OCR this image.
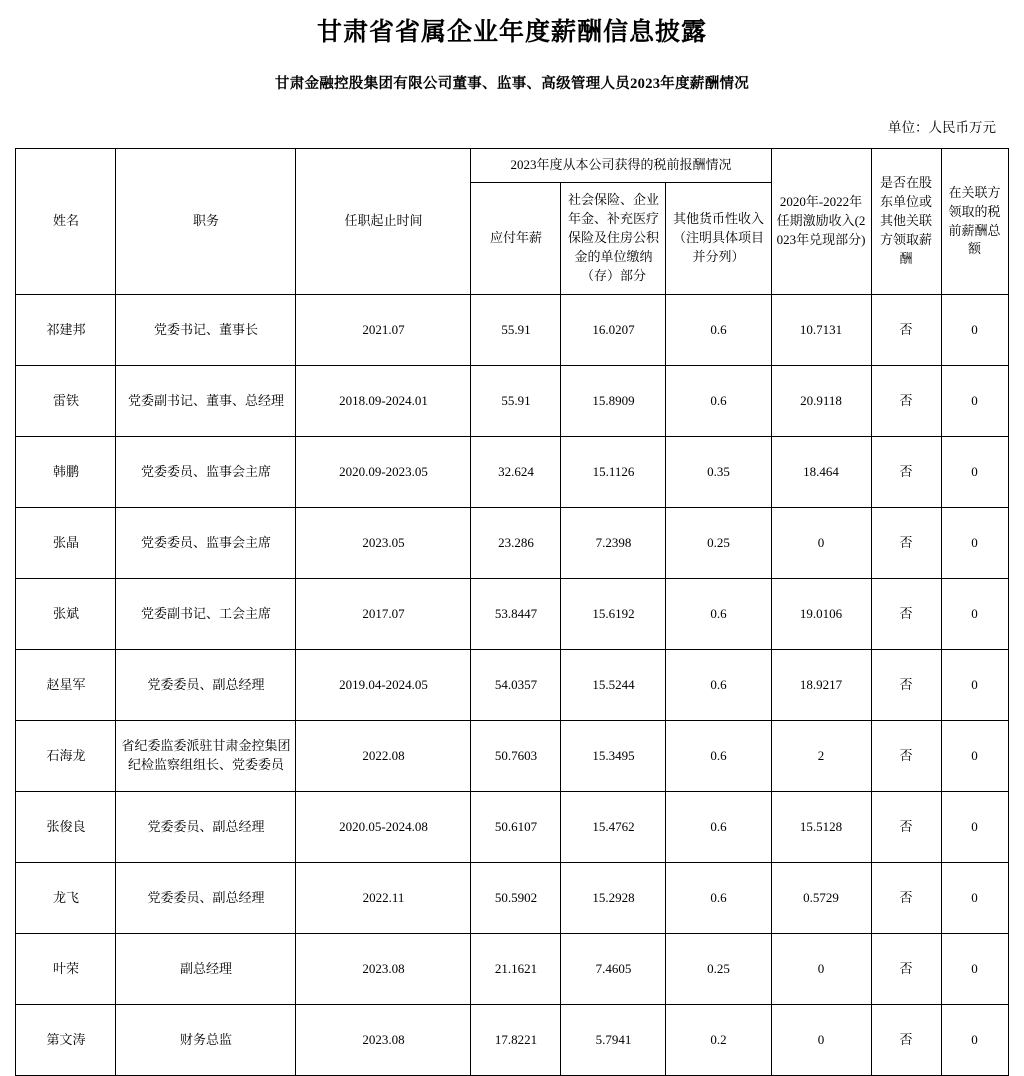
甘肃省省属企业年度薪酬信息披露
甘肃金融控股集团有限公司董事、监事、高级管理人员2023年度薪酬情况
单位：人民币万元
姓名	职务	任职起止时间	2023年度从本公司获得的税前报酬情况			2020年-2022年任期激励收入(2023年兑现部分)	是否在股东单位或其他关联方领取薪酬	在关联方领取的税前薪酬总额
			应付年薪	社会保险、企业年金、补充医疗保险及住房公积金的单位缴纳（存）部分	其他货币性收入 （注明具体项目并分列）			
祁建邦	党委书记、董事长	2021.07	55.91	16.0207	0.6	10.7131	否	0
雷铁	党委副书记、董事、总经理	2018.09-2024.01	55.91	15.8909	0.6	20.9118	否	0
韩鹏	党委委员、监事会主席	2020.09-2023.05	32.624	15.1126	0.35	18.464	否	0
张晶	党委委员、监事会主席	2023.05	23.286	7.2398	0.25	0	否	0
张斌	党委副书记、工会主席	2017.07	53.8447	15.6192	0.6	19.0106	否	0
赵星军	党委委员、副总经理	2019.04-2024.05	54.0357	15.5244	0.6	18.9217	否	0
石海龙	省纪委监委派驻甘肃金控集团纪检监察组组长、党委委员	2022.08	50.7603	15.3495	0.6	2	否	0
张俊良	党委委员、副总经理	2020.05-2024.08	50.6107	15.4762	0.6	15.5128	否	0
龙飞	党委委员、副总经理	2022.11	50.5902	15.2928	0.6	0.5729	否	0
叶荣	副总经理	2023.08	21.1621	7.4605	0.25	0	否	0
第文涛	财务总监	2023.08	17.8221	5.7941	0.2	0	否	0
